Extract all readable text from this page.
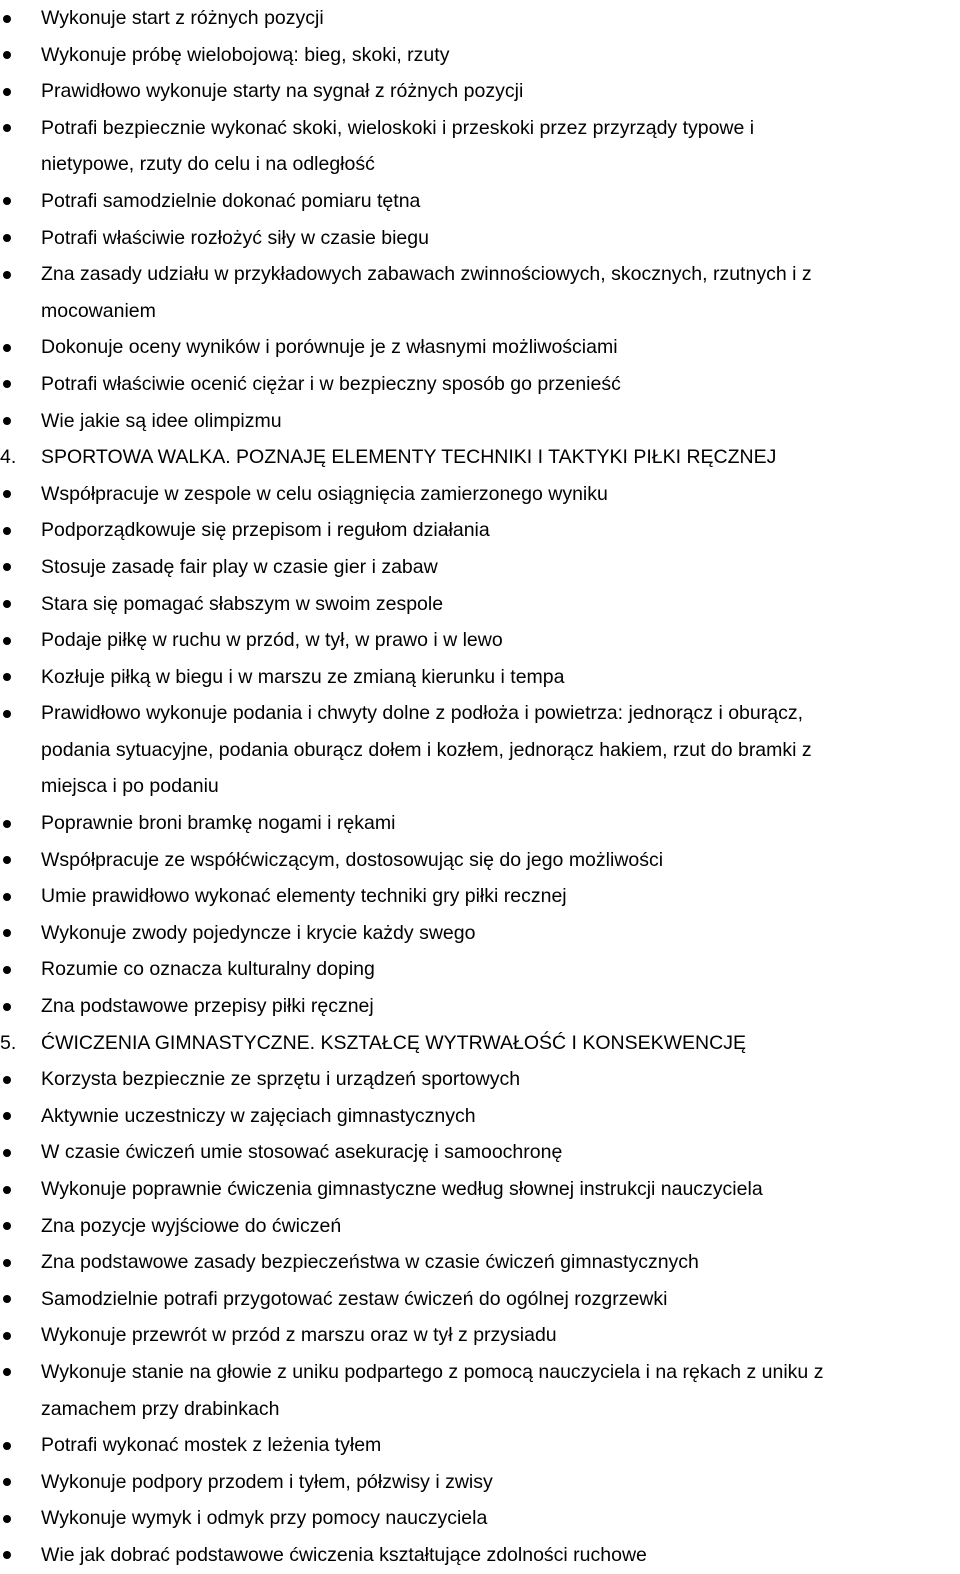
Wykonuje start z różnych pozycji
Wykonuje próbę wielobojową: bieg, skoki, rzuty
Prawidłowo wykonuje starty na sygnał z różnych pozycji
Potrafi bezpiecznie wykonać skoki, wieloskoki i przeskoki przez przyrządy typowe i
nietypowe, rzuty do celu i na odległość
Potrafi samodzielnie dokonać pomiaru tętna
Potrafi właściwie rozłożyć siły w czasie biegu
Zna zasady udziału w przykładowych zabawach zwinnościowych, skocznych, rzutnych i z
mocowaniem
Dokonuje oceny wyników i porównuje je z własnymi możliwościami
Potrafi właściwie ocenić ciężar i w bezpieczny sposób go przenieść
Wie jakie są idee olimpizmu
4. SPORTOWA WALKA. POZNAJĘ ELEMENTY TECHNIKI I TAKTYKI PIŁKI RĘCZNEJ
Współpracuje w zespole w celu osiągnięcia zamierzonego wyniku
Podporządkowuje się przepisom i regułom działania
Stosuje zasadę fair play w czasie gier i zabaw
Stara się pomagać słabszym w swoim zespole
Podaje piłkę w ruchu w przód, w tył, w prawo i w lewo
Kozłuje piłką w biegu i w marszu ze zmianą kierunku i tempa
Prawidłowo wykonuje podania i chwyty dolne z podłoża i powietrza: jednorącz i oburącz,
podania sytuacyjne, podania oburącz dołem i kozłem, jednorącz hakiem, rzut do bramki z
miejsca i po podaniu
Poprawnie broni bramkę nogami i rękami
Współpracuje ze współćwiczącym, dostosowując się do jego możliwości
Umie prawidłowo wykonać elementy techniki gry piłki recznej
Wykonuje zwody pojedyncze i krycie każdy swego
Rozumie co oznacza kulturalny doping
Zna podstawowe przepisy piłki ręcznej
5. ĆWICZENIA GIMNASTYCZNE. KSZTAŁCĘ WYTRWAŁOŚĆ I KONSEKWENCJĘ
Korzysta bezpiecznie ze sprzętu i urządzeń sportowych
Aktywnie uczestniczy w zajęciach gimnastycznych
W czasie ćwiczeń umie stosować asekurację i samoochronę
Wykonuje poprawnie ćwiczenia gimnastyczne według słownej instrukcji nauczyciela
Zna pozycje wyjściowe do ćwiczeń
Zna podstawowe zasady bezpieczeństwa w czasie ćwiczeń gimnastycznych
Samodzielnie potrafi przygotować zestaw ćwiczeń do ogólnej rozgrzewki
Wykonuje przewrót w przód z marszu oraz w tył z przysiadu
Wykonuje stanie na głowie z uniku podpartego z pomocą nauczyciela i na rękach z uniku z
zamachem przy drabinkach
Potrafi wykonać mostek z leżenia tyłem
Wykonuje podpory przodem i tyłem, półzwisy i zwisy
Wykonuje wymyk i odmyk przy pomocy nauczyciela
Wie jak dobrać podstawowe ćwiczenia kształtujące zdolności ruchowe
